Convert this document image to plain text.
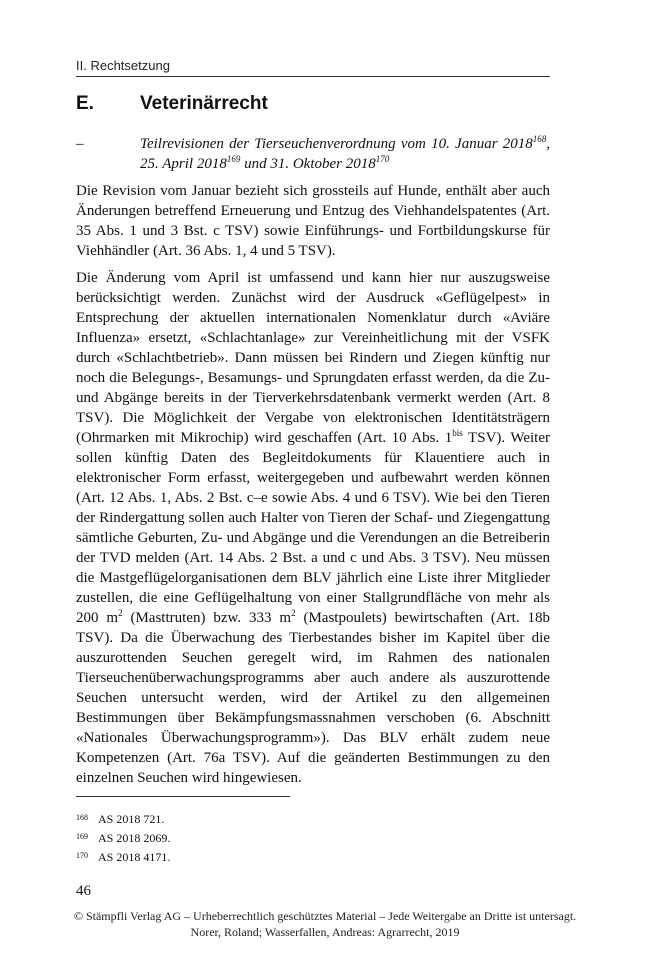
II. Rechtsetzung
E. Veterinärrecht
–	Teilrevisionen der Tierseuchenverordnung vom 10. Januar 2018$^{168}$, 25. April 2018$^{169}$ und 31. Oktober 2018$^{170}$

Die Revision vom Januar bezieht sich grossteils auf Hunde, enthält aber auch Änderungen betreffend Erneuerung und Entzug des Viehhandelspatentes (Art. 35 Abs. 1 und 3 Bst. c TSV) sowie Einführungs- und Fortbildungskurse für Viehhändler (Art. 36 Abs. 1, 4 und 5 TSV).

Die Änderung vom April ist umfassend und kann hier nur auszugsweise berücksichtigt werden. Zunächst wird der Ausdruck «Geflügelpest» in Entsprechung der aktuellen internationalen Nomenklatur durch «Aviäre Influenza» ersetzt, «Schlachtanlage» zur Vereinheitlichung mit der VSFK durch «Schlachtbetrieb». Dann müssen bei Rindern und Ziegen künftig nur noch die Belegungs-, Besamungs- und Sprungdaten erfasst werden, da die Zu- und Abgänge bereits in der Tierverkehrsdatenbank vermerkt werden (Art. 8 TSV). Die Möglichkeit der Vergabe von elektronischen Identitätsträgern (Ohrmarken mit Mikrochip) wird geschaffen (Art. 10 Abs. $1^{bis}$ TSV). Weiter sollen künftig Daten des Begleitdokuments für Klauentiere auch in elektronischer Form erfasst, weitergegeben und aufbewahrt werden können (Art. 12 Abs. 1, Abs. 2 Bst. c–e sowie Abs. 4 und 6 TSV). Wie bei den Tieren der Rindergattung sollen auch Halter von Tieren der Schaf- und Ziegengattung sämtliche Geburten, Zu- und Abgänge und die Verendungen an die Betreiberin der TVD melden (Art. 14 Abs. 2 Bst. a und c und Abs. 3 TSV). Neu müssen die Mastgeflügelorganisationen dem BLV jährlich eine Liste ihrer Mitglieder zustellen, die eine Geflügelhaltung von einer Stallgrundfläche von mehr als 200 $m^2$ (Masttruten) bzw. 333 $m^2$ (Mastpoulets) bewirtschaften (Art. 18b TSV). Da die Überwachung des Tierbestandes bisher im Kapitel über die auszurottenden Seuchen geregelt wird, im Rahmen des nationalen Tierseuchenüberwachungsprogramms aber auch andere als auszurottende Seuchen untersucht werden, wird der Artikel zu den allgemeinen Bestimmungen über Bekämpfungsmassnahmen verschoben (6. Abschnitt «Nationales Überwachungsprogramm»). Das BLV erhält zudem neue Kompetenzen (Art. 76a TSV). Auf die geänderten Bestimmungen zu den einzelnen Seuchen wird hingewiesen.

168 AS 2018 721.
169 AS 2018 2069.
170 AS 2018 4171.
46
© Stämpfli Verlag AG – Urheberrechtlich geschütztes Material – Jede Weitergabe an Dritte ist untersagt.
Norer, Roland; Wasserfallen, Andreas: Agrarrecht, 2019
